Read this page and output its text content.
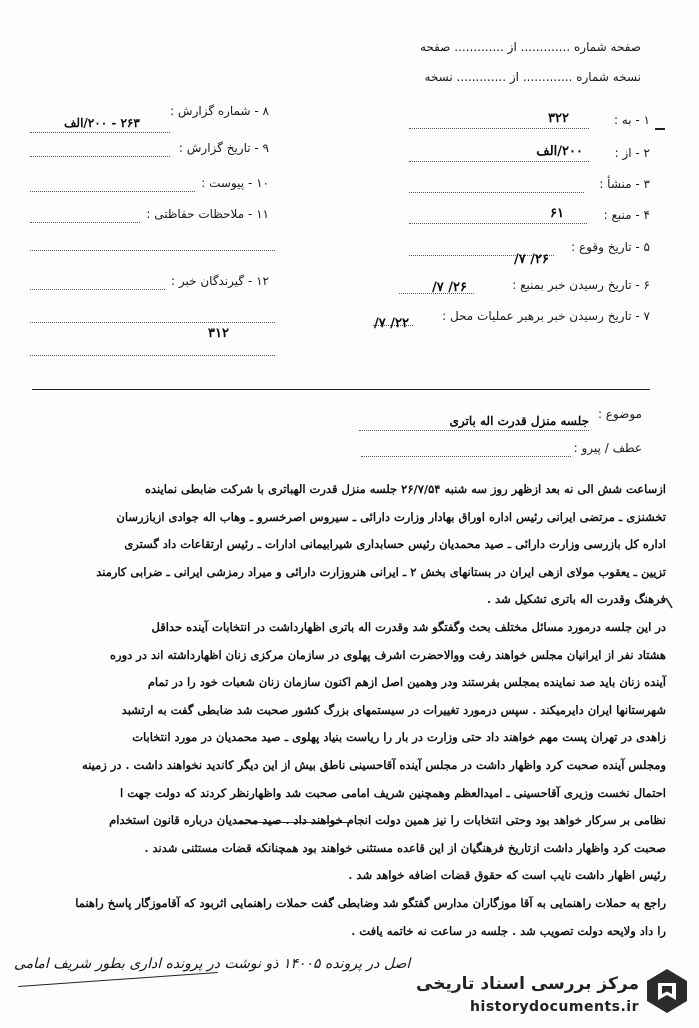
صفحه شماره ............. از ............. صفحه
نسخه شماره ............. از ............. نسخه
۱ - به :
۳۲۲
۲ - از :
۲۰۰/الف
۳ - منشأ :
۴ - منبع :
۶۱
۵ - تاریخ وقوع :
۲۶/ ۷/
۶ - تاریخ رسیدن خبر بمنبع :
۲۶/ ۷/
۷ - تاریخ رسیدن خبر برهبر عملیات محل :
۲۲/ ۷/
۸ - شماره گزارش :
۲۶۳ - ۲۰۰/الف
۹ - تاریخ گزارش :
۱۰ - پیوست :
۱۱ - ملاحظات حفاظتی :
۱۲ - گیرندگان خبر :
۳۱۲
موضوع :
جلسه منزل قدرت اله باتری
عطف / پیرو :

ازساعت شش الی نه بعد ازظهر روز سه شنبه ۲۶/۷/۵۴ جلسه منزل قدرت الهباتری با شرکت ضابطی نماینده

تخشنزی ـ مرتضی ایرانی رئیس اداره اوراق بهادار وزارت دارائی ـ سیروس اصرخسرو ـ وهاب اله جوادی ازبازرسان

اداره کل بازرسی وزارت دارائی ـ صید محمدیان رئیس حسابداری شیرابیمانی ادارات ـ رئیس ارتقاعات داد گستری

تزیین ـ یعقوب مولای ازهی ایران در بستانهای بخش ۲ ـ ایرانی هنروزارت دارائی و میراد رمزشی ایرانی ـ ضرابی کارمند

فرهنگ وقدرت اله باتری تشکیل شد .

در این جلسه درمورد مسائل مختلف بحث وگفتگو شد وقدرت اله باتری اظهارداشت در انتخابات آینده حداقل

هشتاد نفر از ایرانیان مجلس خواهند رفت ووالاحضرت اشرف پهلوی در سازمان مرکزی زنان اظهارداشته اند در دوره

آینده زنان باید صد نماینده بمجلس بفرستند ودر وهمین اصل ازهم اکنون سازمان زنان شعبات خود را در تمام

شهرستانها ایران دایرمیکند . سپس درمورد تغییرات در سیستمهای بزرگ کشور صحبت شد ضابطی گفت به ارتشبد

زاهدی در تهران پست مهم خواهند داد حتی وزارت در بار را ریاست بنیاد پهلوی ـ صید محمدیان در مورد انتخابات

ومجلس آینده صحبت کرد واظهار داشت در مجلس آینده آقاحسینی ناطق بیش از این دیگر کاندید نخواهند داشت . در زمینه

احتمال نخست وزیری آقاحسینی ـ امیدالعظم وهمچنین شریف امامی صحبت شد واظهارنظر کردند که دولت جهت ا

نظامی بر سرکار خواهد بود وحتی انتخابات را نیز همین دولت انجام خواهند داد . صید محمدیان درباره قانون استخدام

صحبت کرد واظهار داشت ازتاریخ فرهنگیان از این قاعده مستثنی خواهند بود همچنانکه قضات مستثنی شدند .

رئیس اظهار داشت نایب است که حقوق قضات اضافه خواهد شد .

راجع به حملات راهنمایی به آقا موزگاران مدارس گفتگو شد وضابطی گفت حملات راهنمایی اثربود که آقاموزگار پاسخ راهنما

را داد ولایحه دولت تصویب شد . جلسه در ساعت نه خاتمه یافت .

اصل در پرونده ۱۴۰۰۵ ذو نوشت در پرونده اداری بطور شریف امامی
مرکز بررسی اسناد تاریخی
historydocuments.ir
